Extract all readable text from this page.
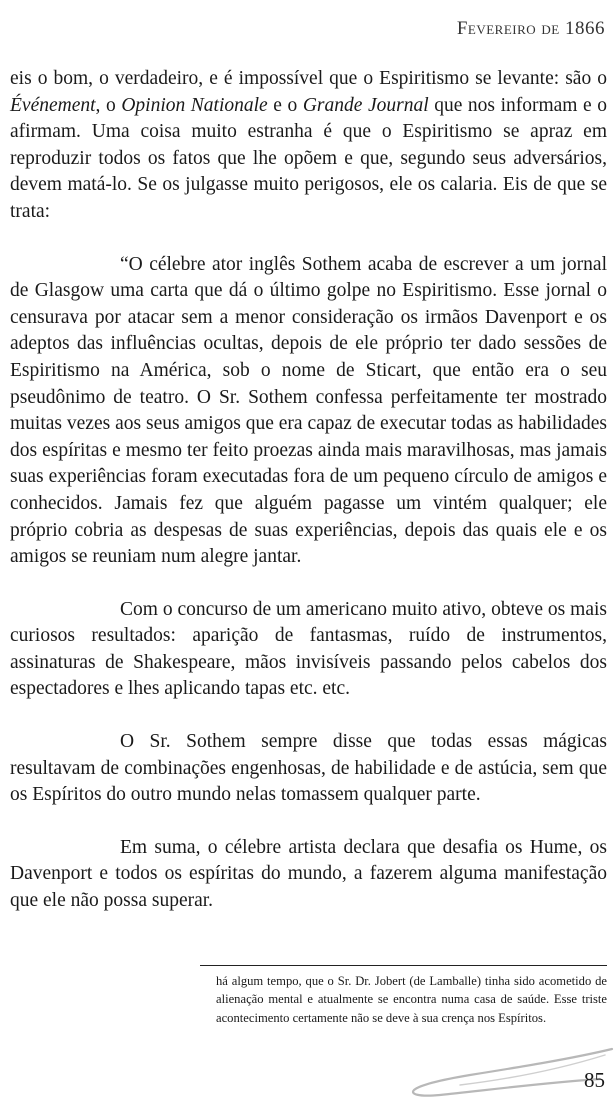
Fevereiro de 1866

eis o bom, o verdadeiro, e é impossível que o Espiritismo se levante: são o Événement, o Opinion Nationale e o Grande Journal que nos informam e o afirmam. Uma coisa muito estranha é que o Espiritismo se apraz em reproduzir todos os fatos que lhe opõem e que, segundo seus adversários, devem matá-lo. Se os julgasse muito perigosos, ele os calaria. Eis de que se trata:

“O célebre ator inglês Sothem acaba de escrever a um jornal de Glasgow uma carta que dá o último golpe no Espiritismo. Esse jornal o censurava por atacar sem a menor consideração os irmãos Davenport e os adeptos das influências ocultas, depois de ele próprio ter dado sessões de Espiritismo na América, sob o nome de Sticart, que então era o seu pseudônimo de teatro. O Sr. Sothem confessa perfeitamente ter mostrado muitas vezes aos seus amigos que era capaz de executar todas as habilidades dos espíritas e mesmo ter feito proezas ainda mais maravilhosas, mas jamais suas experiências foram executadas fora de um pequeno círculo de amigos e conhecidos. Jamais fez que alguém pagasse um vintém qualquer; ele próprio cobria as despesas de suas experiências, depois das quais ele e os amigos se reuniam num alegre jantar.

Com o concurso de um americano muito ativo, obteve os mais curiosos resultados: aparição de fantasmas, ruído de instrumentos, assinaturas de Shakespeare, mãos invisíveis passando pelos cabelos dos espectadores e lhes aplicando tapas etc. etc.

O Sr. Sothem sempre disse que todas essas mágicas resultavam de combinações engenhosas, de habilidade e de astúcia, sem que os Espíritos do outro mundo nelas tomassem qualquer parte.

Em suma, o célebre artista declara que desafia os Hume, os Davenport e todos os espíritas do mundo, a fazerem alguma manifestação que ele não possa superar.

há algum tempo, que o Sr. Dr. Jobert (de Lamballe) tinha sido acometido de alienação mental e atualmente se encontra numa casa de saúde. Esse triste acontecimento certamente não se deve à sua crença nos Espíritos.
85
